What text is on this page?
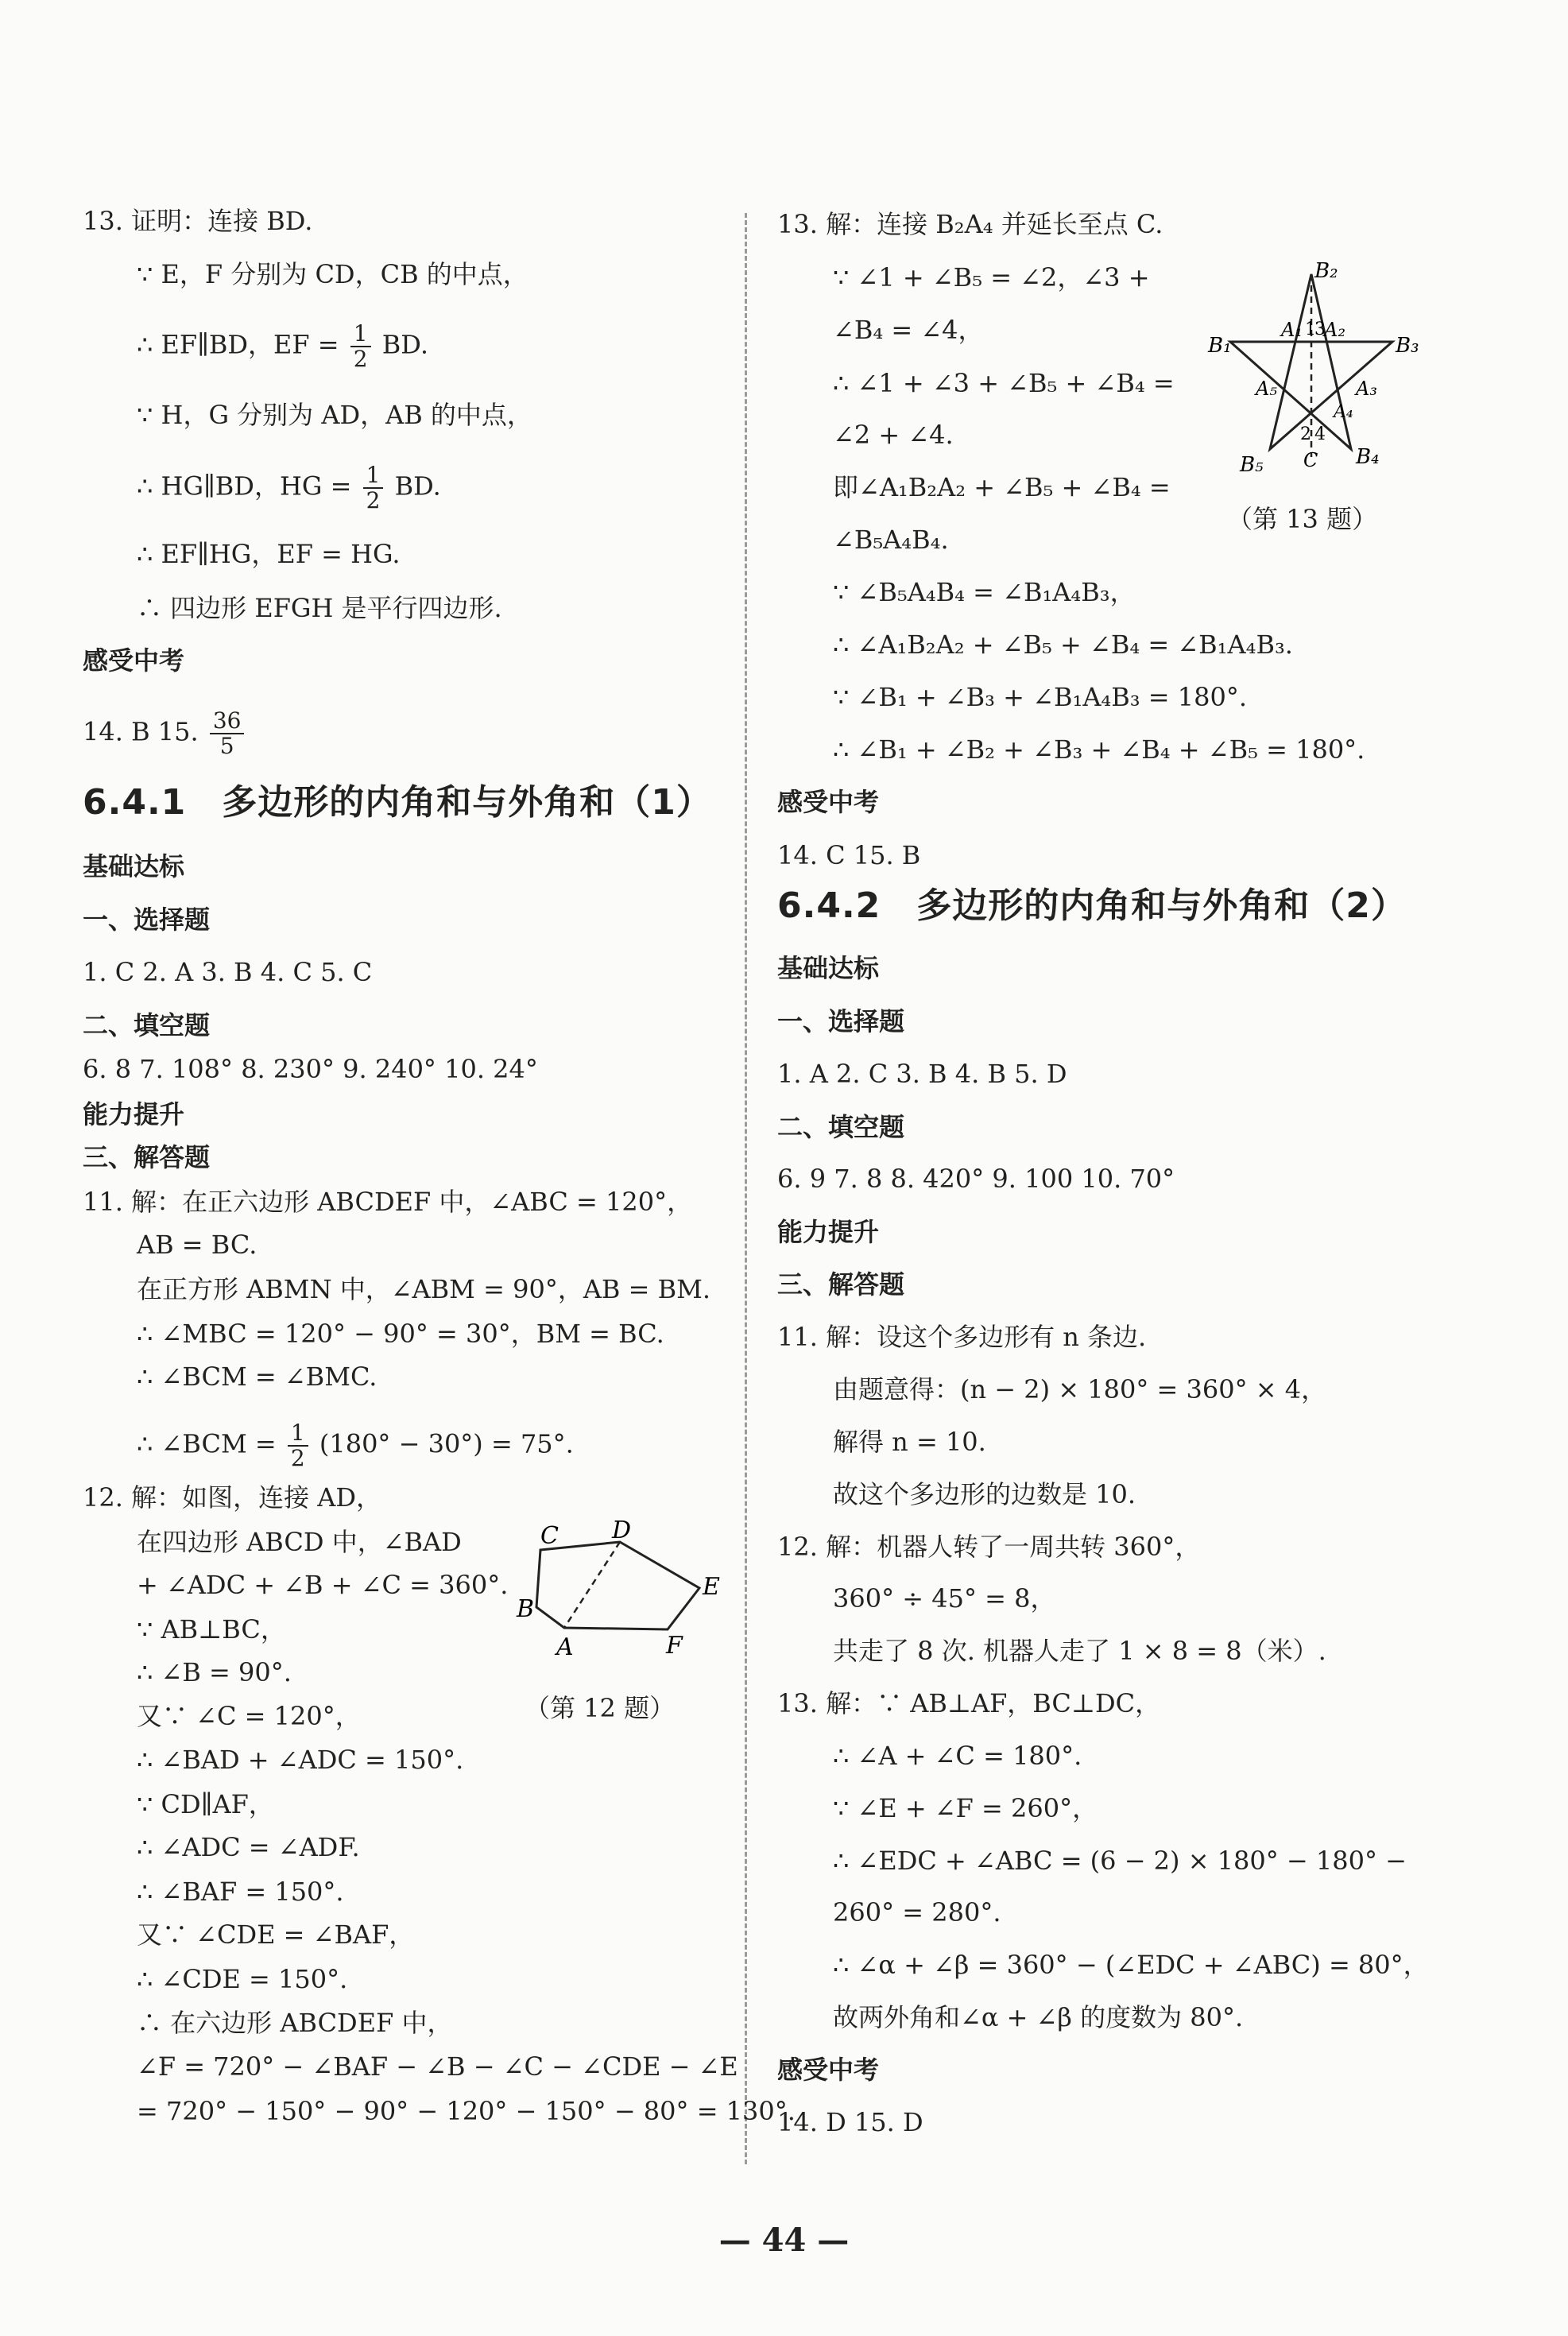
13. 证明：连接 BD.
∵ E，F 分别为 CD，CB 的中点，
∴ EF∥BD，EF = $\frac{1}{2}$ BD.
∵ H，G 分别为 AD，AB 的中点，
∴ HG∥BD，HG = $\frac{1}{2}$ BD.
∴ EF∥HG，EF = HG.
∴ 四边形 EFGH 是平行四边形.
感受中考
14. B 15. $\frac{36}{5}$
6.4.1　多边形的内角和与外角和（1）
基础达标
一、选择题
1. C 2. A 3. B 4. C 5. C
二、填空题
6. 8 7. 108° 8. 230° 9. 240° 10. 24°
能力提升
三、解答题
11. 解：在正六边形 ABCDEF 中，∠ABC = 120°，
AB = BC.
在正方形 ABMN 中，∠ABM = 90°，AB = BM.
∴ ∠MBC = 120° − 90° = 30°，BM = BC.
∴ ∠BCM = ∠BMC.
∴ ∠BCM = $\frac{1}{2} (180^\circ - 30^\circ) = 75^\circ$.
12. 解：如图，连接 AD，
在四边形 ABCD 中，∠BAD
+ ∠ADC + ∠B + ∠C = 360°.
∵ AB⊥BC，
∴ ∠B = 90°.
又∵ ∠C = 120°，
∴ ∠BAD + ∠ADC = 150°.
∵ CD∥AF，
∴ ∠ADC = ∠ADF.
∴ ∠BAF = 150°.
又∵ ∠CDE = ∠BAF，
∴ ∠CDE = 150°.
∴ 在六边形 ABCDEF 中，
∠F = 720° − ∠BAF − ∠B − ∠C − ∠CDE − ∠E
= 720° − 150° − 90° − 120° − 150° − 80° = 130°.
C D
E
F
A
B
（第 12 题）
13. 解：连接 B₂A₄ 并延长至点 C.
∵ ∠1 + ∠B₅ = ∠2，∠3 +
∠B₄ = ∠4，
∴ ∠1 + ∠3 + ∠B₅ + ∠B₄ =
∠2 + ∠4.
即∠A₁B₂A₂ + ∠B₅ + ∠B₄ =
∠B₅A₄B₄.
∵ ∠B₅A₄B₄ = ∠B₁A₄B₃，
∴ ∠A₁B₂A₂ + ∠B₅ + ∠B₄ = ∠B₁A₄B₃.
∵ ∠B₁ + ∠B₃ + ∠B₁A₄B₃ = 180°.
∴ ∠B₁ + ∠B₂ + ∠B₃ + ∠B₄ + ∠B₅ = 180°.
B₂
B₁	B₃
B₅	B₄
A₁ A₂
A₅	A₃
A₄
1
3
2 4
C
（第 13 题）
感受中考
14. C 15. B
6.4.2　多边形的内角和与外角和（2）
基础达标
一、选择题
1. A 2. C 3. B 4. B 5. D
二、填空题
6. 9 7. 8 8. 420° 9. 100 10. 70°
能力提升
三、解答题
11. 解：设这个多边形有 n 条边.
由题意得：(n − 2) × 180° = 360° × 4，
解得 n = 10.
故这个多边形的边数是 10.
12. 解：机器人转了一周共转 360°，
360° ÷ 45° = 8，
共走了 8 次. 机器人走了 1 × 8 = 8（米）.
13. 解：∵ AB⊥AF，BC⊥DC，
∴ ∠A + ∠C = 180°.
∵ ∠E + ∠F = 260°，
∴ ∠EDC + ∠ABC = (6 − 2) × 180° − 180° −
260° = 280°.
∴ ∠α + ∠β = 360° − (∠EDC + ∠ABC) = 80°，
故两外角和∠α + ∠β 的度数为 80°.
感受中考
14. D 15. D
— 44 —
